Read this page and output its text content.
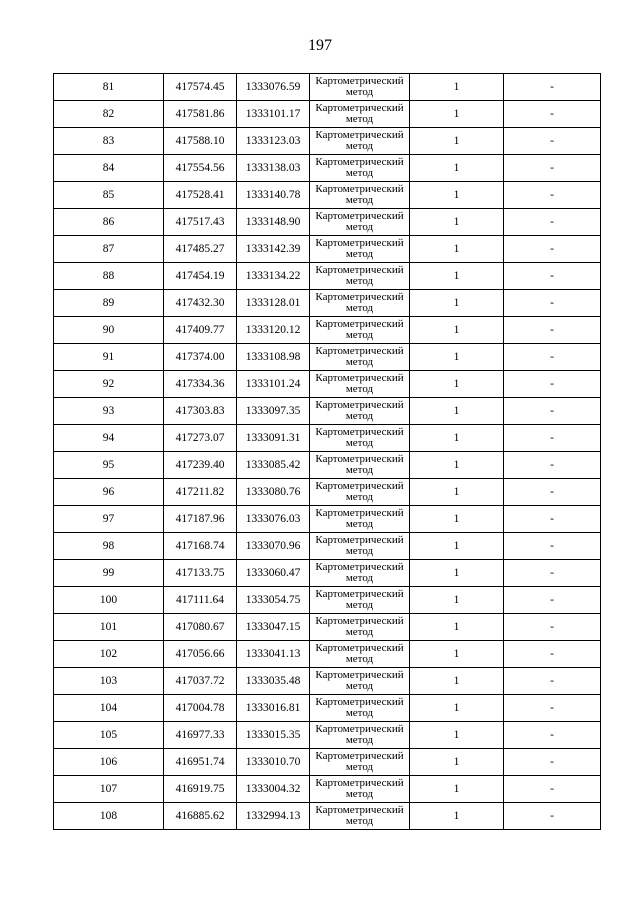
197
81	417574.45	1333076.59	Картометрический метод	1	-
82	417581.86	1333101.17	Картометрический метод	1	-
83	417588.10	1333123.03	Картометрический метод	1	-
84	417554.56	1333138.03	Картометрический метод	1	-
85	417528.41	1333140.78	Картометрический метод	1	-
86	417517.43	1333148.90	Картометрический метод	1	-
87	417485.27	1333142.39	Картометрический метод	1	-
88	417454.19	1333134.22	Картометрический метод	1	-
89	417432.30	1333128.01	Картометрический метод	1	-
90	417409.77	1333120.12	Картометрический метод	1	-
91	417374.00	1333108.98	Картометрический метод	1	-
92	417334.36	1333101.24	Картометрический метод	1	-
93	417303.83	1333097.35	Картометрический метод	1	-
94	417273.07	1333091.31	Картометрический метод	1	-
95	417239.40	1333085.42	Картометрический метод	1	-
96	417211.82	1333080.76	Картометрический метод	1	-
97	417187.96	1333076.03	Картометрический метод	1	-
98	417168.74	1333070.96	Картометрический метод	1	-
99	417133.75	1333060.47	Картометрический метод	1	-
100	417111.64	1333054.75	Картометрический метод	1	-
101	417080.67	1333047.15	Картометрический метод	1	-
102	417056.66	1333041.13	Картометрический метод	1	-
103	417037.72	1333035.48	Картометрический метод	1	-
104	417004.78	1333016.81	Картометрический метод	1	-
105	416977.33	1333015.35	Картометрический метод	1	-
106	416951.74	1333010.70	Картометрический метод	1	-
107	416919.75	1333004.32	Картометрический метод	1	-
108	416885.62	1332994.13	Картометрический метод	1	-
